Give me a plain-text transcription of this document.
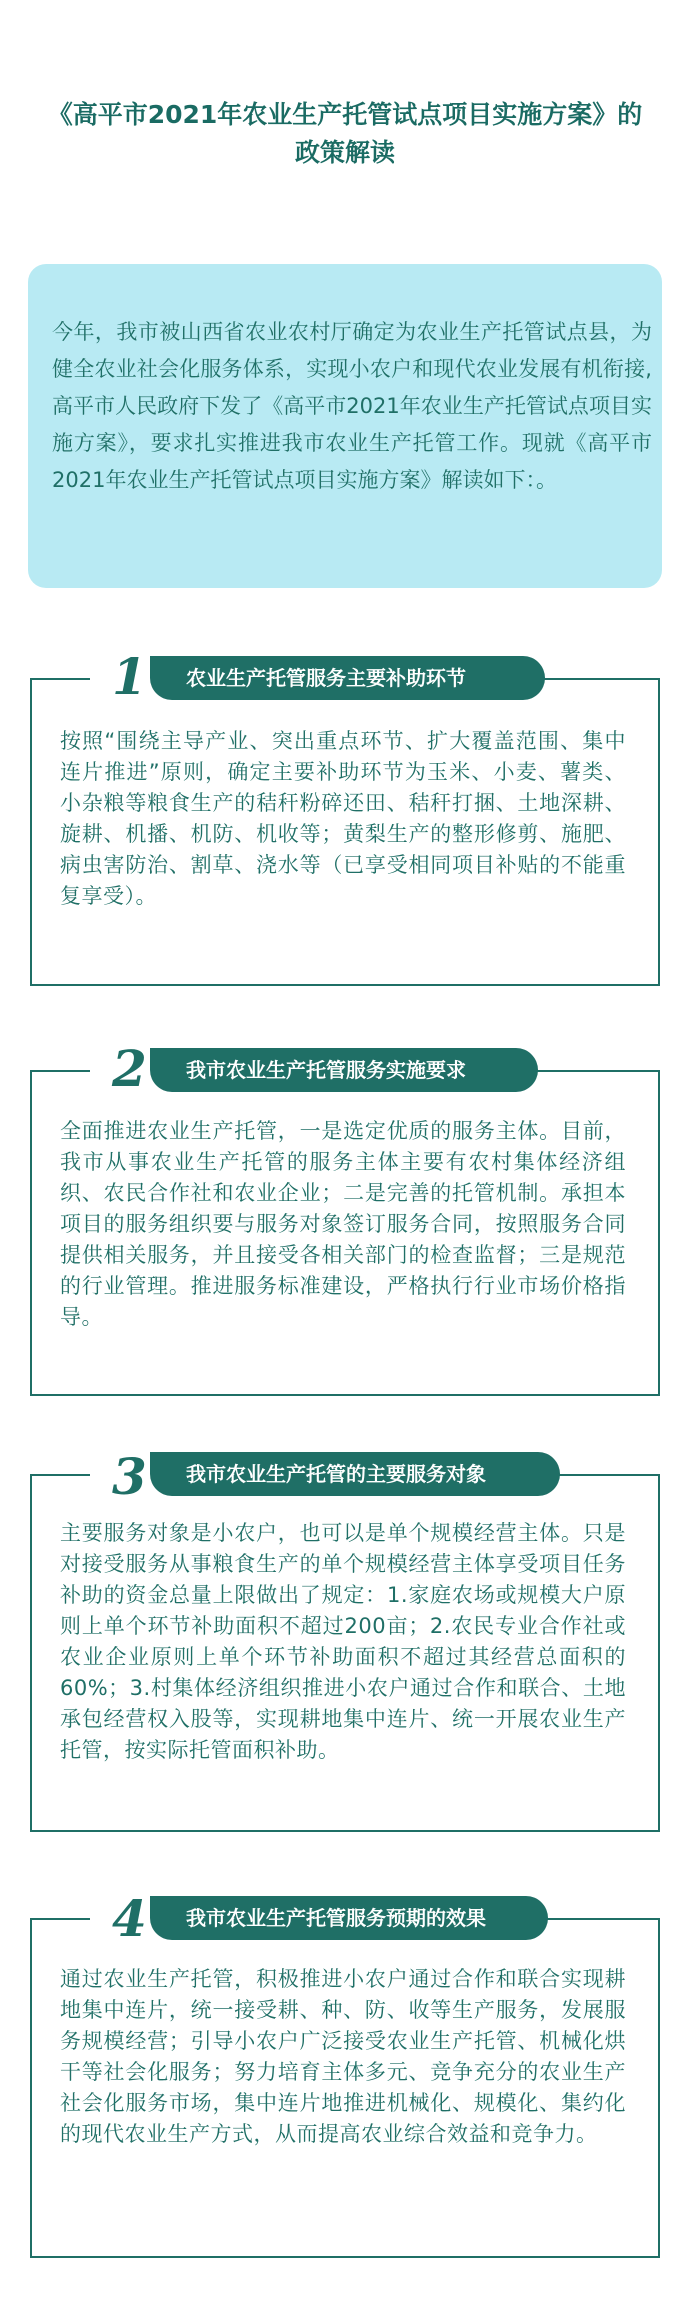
《高平市2021年农业生产托管试点项目实施方案》的
政策解读
今年，我市被山西省农业农村厅确定为农业生产托管试点县，为健全农业社会化服务体系，实现小农户和现代农业发展有机衔接,高平市人民政府下发了《高平市2021年农业生产托管试点项目实施方案》，要求扎实推进我市农业生产托管工作。现就《高平市2021年农业生产托管试点项目实施方案》解读如下：。
1	农业生产托管服务主要补助环节
按照“围绕主导产业、突出重点环节、扩大覆盖范围、集中连片推进”原则，确定主要补助环节为玉米、小麦、薯类、小杂粮等粮食生产的秸秆粉碎还田、秸秆打捆、土地深耕、旋耕、机播、机防、机收等；黄梨生产的整形修剪、施肥、病虫害防治、割草、浇水等（已享受相同项目补贴的不能重复享受）。
2	我市农业生产托管服务实施要求
全面推进农业生产托管，一是选定优质的服务主体。目前，我市从事农业生产托管的服务主体主要有农村集体经济组织、农民合作社和农业企业；二是完善的托管机制。承担本项目的服务组织要与服务对象签订服务合同，按照服务合同提供相关服务，并且接受各相关部门的检查监督；三是规范的行业管理。推进服务标准建设，严格执行行业市场价格指导。
3	我市农业生产托管的主要服务对象
主要服务对象是小农户，也可以是单个规模经营主体。只是对接受服务从事粮食生产的单个规模经营主体享受项目任务补助的资金总量上限做出了规定：1.家庭农场或规模大户原则上单个环节补助面积不超过200亩；2.农民专业合作社或农业企业原则上单个环节补助面积不超过其经营总面积的60%；3.村集体经济组织推进小农户通过合作和联合、土地承包经营权入股等，实现耕地集中连片、统一开展农业生产托管，按实际托管面积补助。
4	我市农业生产托管服务预期的效果
通过农业生产托管，积极推进小农户通过合作和联合实现耕地集中连片，统一接受耕、种、防、收等生产服务，发展服务规模经营；引导小农户广泛接受农业生产托管、机械化烘干等社会化服务；努力培育主体多元、竞争充分的农业生产社会化服务市场，集中连片地推进机械化、规模化、集约化的现代农业生产方式，从而提高农业综合效益和竞争力。
